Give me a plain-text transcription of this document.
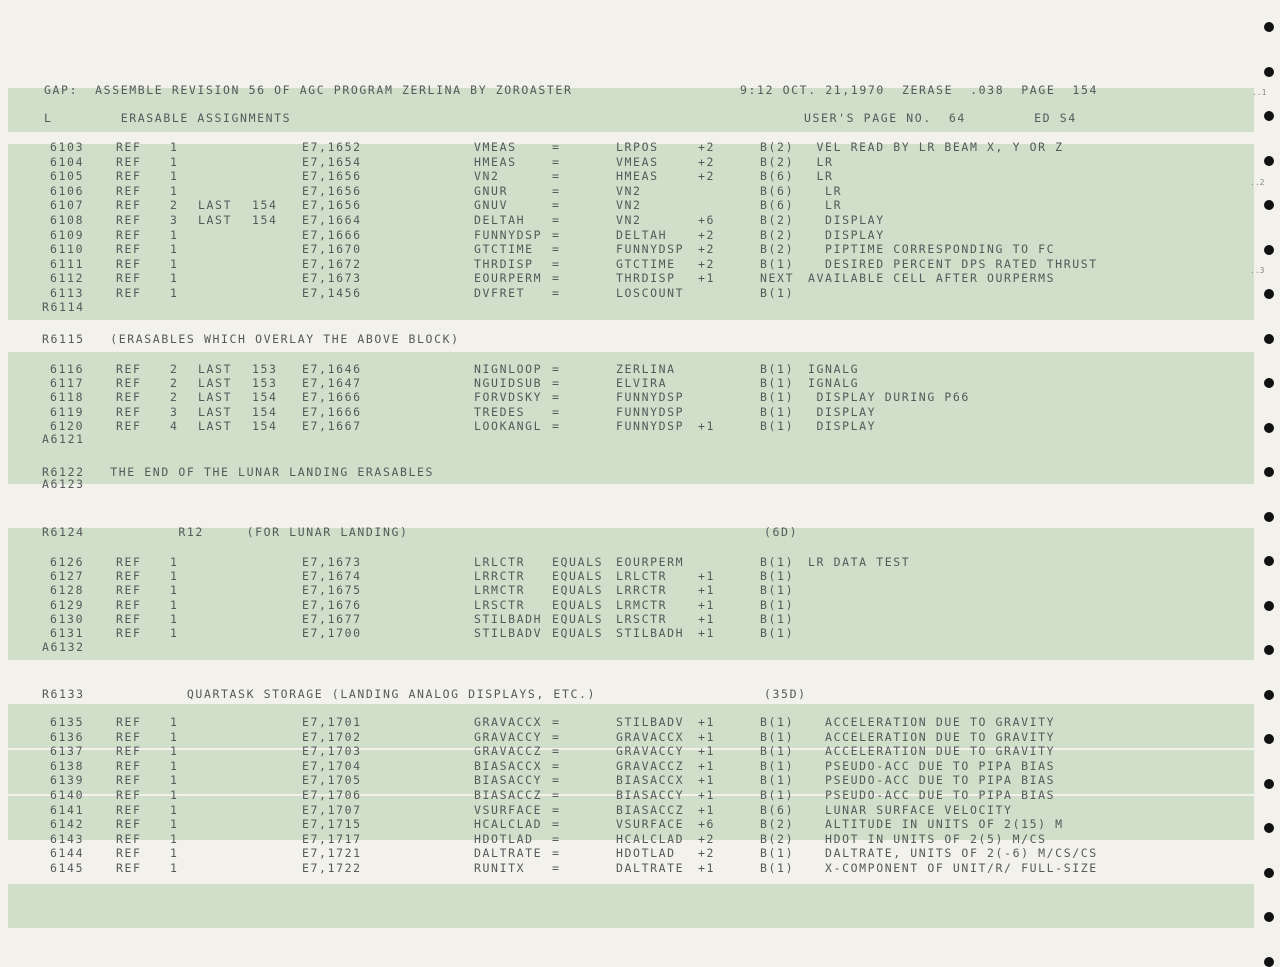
GAP:  ASSEMBLE REVISION 56 OF AGC PROGRAM ZERLINA BY ZOROASTER	9:12 OCT. 21,1970  ZERASE  .038  PAGE  154
L        ERASABLE ASSIGNMENTS	USER'S PAGE NO.  64        ED S4
..1
..2
..3
6103	REF 1	E7,1652	VMEAS	=	LRPOS	+2	B(2) VEL READ BY LR BEAM X, Y OR Z
6104	REF 1	E7,1654	HMEAS	=	VMEAS	+2	B(2) LR
6105	REF 1	E7,1656	VN2	=	HMEAS	+2	B(6) LR
6106	REF 1	E7,1656	GNUR	=	VN2	B(6) LR
6107	REF 2 LAST 154 E7,1656	GNUV	=	VN2	B(6) LR
6108	REF 3 LAST 154 E7,1664	DELTAH =	VN2	+6	B(2) DISPLAY
6109	REF 1	E7,1666	FUNNYDSP =	DELTAH	+2	B(2) DISPLAY
6110	REF 1	E7,1670	GTCTIME =	FUNNYDSP +2	B(2) PIPTIME CORRESPONDING TO FC
6111	REF 1	E7,1672	THRDISP =	GTCTIME +2	B(1) DESIRED PERCENT DPS RATED THRUST
6112	REF 1	E7,1673	EOURPERM =	THRDISP +1	NEXT AVAILABLE CELL AFTER OURPERMS
6113	REF 1	E7,1456	DVFRET =	LOSCOUNT	B(1)
R6114
R6115   (ERASABLES WHICH OVERLAY THE ABOVE BLOCK)
6116	REF 2 LAST 153 E7,1646	NIGNLOOP =	ZERLINA	B(1) IGNALG
6117	REF 2 LAST 153 E7,1647	NGUIDSUB =	ELVIRA	B(1) IGNALG
6118	REF 2 LAST 154 E7,1666	FORVDSKY =	FUNNYDSP	B(1) DISPLAY DURING P66
6119	REF 3 LAST 154 E7,1666	TREDES =	FUNNYDSP	B(1) DISPLAY
6120	REF 4 LAST 154 E7,1667	LOOKANGL =	FUNNYDSP +1	B(1) DISPLAY
A6121
R6122   THE END OF THE LUNAR LANDING ERASABLES
A6123
R6124           R12     (FOR LUNAR LANDING)	(6D)
6126	REF 1	E7,1673	LRLCTR EQUALS EOURPERM	B(1) LR DATA TEST
6127	REF 1	E7,1674	LRRCTR EQUALS LRLCTR	+1	B(1)
6128	REF 1	E7,1675	LRMCTR EQUALS LRRCTR	+1	B(1)
6129	REF 1	E7,1676	LRSCTR EQUALS LRMCTR	+1	B(1)
6130	REF 1	E7,1677	STILBADH EQUALS LRSCTR	+1	B(1)
6131	REF 1	E7,1700	STILBADV EQUALS STILBADH +1	B(1)
A6132
R6133            QUARTASK STORAGE (LANDING ANALOG DISPLAYS, ETC.)	(35D)
6135	REF 1	E7,1701	GRAVACCX =	STILBADV +1	B(1) ACCELERATION DUE TO GRAVITY
6136	REF 1	E7,1702	GRAVACCY =	GRAVACCX +1	B(1) ACCELERATION DUE TO GRAVITY
6137	REF 1	E7,1703	GRAVACCZ =	GRAVACCY +1	B(1) ACCELERATION DUE TO GRAVITY
6138	REF 1	E7,1704	BIASACCX =	GRAVACCZ +1	B(1) PSEUDO-ACC DUE TO PIPA BIAS
6139	REF 1	E7,1705	BIASACCY =	BIASACCX +1	B(1) PSEUDO-ACC DUE TO PIPA BIAS
6140	REF 1	E7,1706	BIASACCZ =	BIASACCY +1	B(1) PSEUDO-ACC DUE TO PIPA BIAS
6141	REF 1	E7,1707	VSURFACE =	BIASACCZ +1	B(6) LUNAR SURFACE VELOCITY
6142	REF 1	E7,1715	HCALCLAD =	VSURFACE +6	B(2) ALTITUDE IN UNITS OF 2(15) M
6143	REF 1	E7,1717	HDOTLAD =	HCALCLAD +2	B(2) HDOT IN UNITS OF 2(5) M/CS
6144	REF 1	E7,1721	DALTRATE =	HDOTLAD +2	B(1) DALTRATE, UNITS OF 2(-6) M/CS/CS
6145	REF 1	E7,1722	RUNITX =	DALTRATE +1	B(1) X-COMPONENT OF UNIT/R/ FULL-SIZE
